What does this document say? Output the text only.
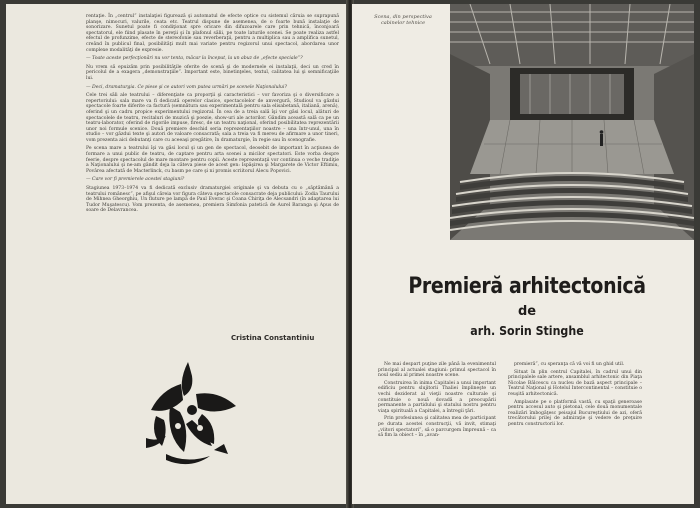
rentaţie. În „centrul” instalaţiei figurează şi automatul de efecte optice cu sistemul căruia se suprapună planşe, nimocuri, valurile, ceata etc. Teatrul dispune de asemenea, de o foarte bună instalaţie de sonorizare. Sunetul poate fi condiţionat spre oricare din difuzoarele care prin tehnică, înconjoară spectatorul, ele fiind plasate în pereţii şi în plafonul sălii, pe toate laturile scenei. Se poate realiza astfel efectul de profunzime, efecte de stereofonie sau reverberaţii, pentru a multiplica sau a amplifica sunetul, creând în publicul final, posibilităţi mult mai variate pentru regizorul unui spectacol, abordarea unor complexe modalităţi de expresie.

— Toate aceste perfecţionări nu vor tenta, măcar la început, la un abuz de „efecte speciale”?

Nu vrem să epuizăm prin posibilităţile oferite de scenă şi de modernele ei instalaţii, deci un cred în pericolul de a exagera „demonstraţiile”. Important este, binetinţeles, textul, calitatea lui şi semnificaţiile lui.

— Deci, dramaturgia. Ce piese şi ce autori vom putea urmări pe scenele Naţionalului?

Cele trei săli ale teatrului – diferenţiate ca proporţii şi caracteristici – vor favoriza şi o diversificare a repertoriului: sala mare va fi dedicată operelor clasice, spectacolelor de anvergură, Studioul va găzdui spectacole foarte diferite ca factură (semnătura sau experimentală pentru sala elisabetană, italiană, arenă), oferind şi un cadru propice experimentului regizoral. În cea de a treia sală îşi vor găsi locul, alături de spectacolele de teatru, recitaluri de muzică şi poezie, show-uri ale actorilor. Gândim această sală ca pe un teatru-laborator, oferind de rigorile impuse, firesc, de un teatru naţional, oferind posibilitatea reprezentării unor noi formule scenice. Două premiere deschid seria reprezentaţiilor noastre – una într-unul, una în studio – vor găzdui texte şi autori de valoare consacrată; sala a treia va fi mereu de afirmare a unor tineri, vom prezenta aici debutanţi care cu aceeaşi pregătire, în dramaturgie, în regie sau în scenografie.

Pe scena mare a teatrului îşi va găsi locul şi un gen de spectacol, deosebit de important în acţiunea de formare a unui public de teatru, de captare pentru arta scenei a micilor spectatori. Este vorba despre feerie, despre spectacolul de mare montare pentru copii. Aceste reprezentaţii vor continua o veche tradiţie a Naţionalului şi ne-am gândit deja la câteva piese de acest gen: Ispăşirea şi Margarete de Victor Eftimiu, Povârea afectată de Macterlinck, cu basm pe care şi ni promis scriitorul Alecu Popovici.

— Care vor fi premierele acestei stagiuni?

Stagiunea 1973–1974 va fi dedicată exclusiv dramaturgiei originale şi va debuta cu o „săptămână a teatrului românesc”, pe afişul căreia vor figura câteva spectacole consacrate deja publicului: Zodia Taurului de Mihnea Gheorghiu, Un fluture pe lampă de Paul Everac şi Coana Chiriţa de Alecsandri (în adaptarea lui Tudor Muşatescu). Vom prezenta, de asemenea, premiera Simfonia patetică de Aurel Baranga şi Apus de soare de Delavrancea.

Cristina Constantiniu
Scena, din perspectiva cabinelor tehnice
Premieră arhitectonică
de
arh. Sorin Stinghe

Ne mai despart puţine zile până la evenimentul principal al actualei stagiuni: primul spectacol în noul sediu al primei noastre scene.

Construirea în inima Capitalei a unui important edificiu pentru slujitorii Thaliei împlineşte un vechi deziderat al vieţii noastre culturale şi constituie o nouă dovadă a preocupării permanente a partidului şi statului nostru pentru viaţa spirituală a Capitalei, a întregii ţări.

Prin profesiunea şi calitatea mea de participant pe durata acestei construcţii, vă invit, stimaţi „viitori spectatori”, să o parcurgem împreună – ca să fim la obiect – în „avan-

premieră”, cu speranţa că vă voi fi un ghid util.

Situat în plin centrul Capitalei, în cadrul unui din principalele sale artere, ansamblul arhitectonic din Piaţa Nicolae Bălcescu ca nucleu de bază aspect principale – Teatrul Naţional şi Hotelul Intercontinental – constituie o reuşită arhitectonică.

Amplasate pe o platformă vastă, cu spaţii generoase pentru accesul auto şi pietonal, cele două monumentale realizări îmbogăţesc peisajul Bucureştiului de azi, oferă trecătorului prilej de admiraţie şi vedere de preţuire pentru constructorii lor.
